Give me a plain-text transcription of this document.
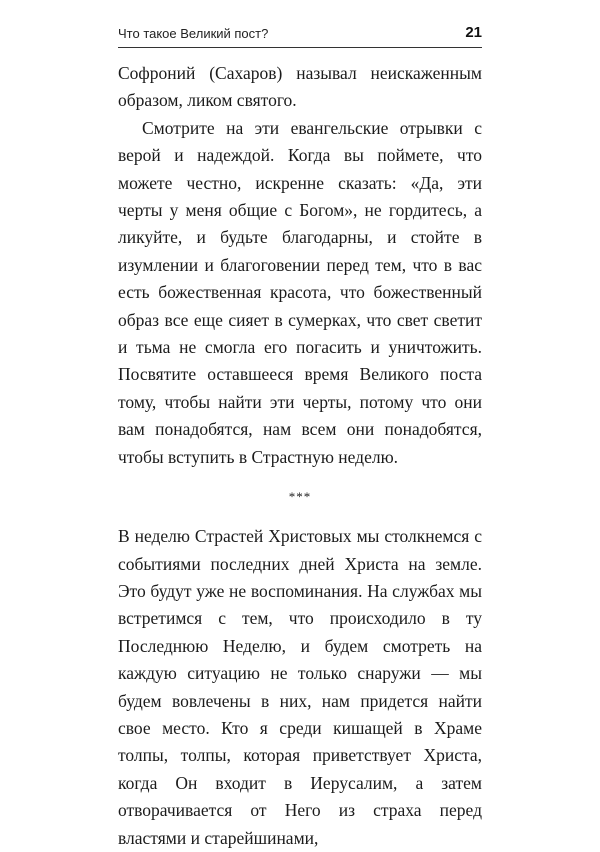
Что такое Великий пост?	21

Софроний (Сахаров) называл неискаженным образом, ликом святого.

Смотрите на эти евангельские отрывки с верой и надеждой. Когда вы поймете, что можете честно, искренне сказать: «Да, эти черты у меня общие с Богом», не гордитесь, а ликуйте, и будьте благодарны, и стойте в изумлении и благоговении перед тем, что в вас есть божественная красота, что божественный образ все еще сияет в сумерках, что свет светит и тьма не смогла его погасить и уничтожить. Посвятите оставшееся время Великого поста тому, чтобы найти эти черты, потому что они вам понадобятся, нам всем они понадобятся, чтобы вступить в Страстную неделю.

***

В неделю Страстей Христовых мы столкнемся с событиями последних дней Христа на земле. Это будут уже не воспоминания. На службах мы встретимся с тем, что происходило в ту Последнюю Неделю, и будем смотреть на каждую ситуацию не только снаружи — мы будем вовлечены в них, нам придется найти свое место. Кто я среди кишащей в Храме толпы, толпы, которая приветствует Христа, когда Он входит в Иерусалим, а затем отворачивается от Него из страха перед властями и старейшинами,
